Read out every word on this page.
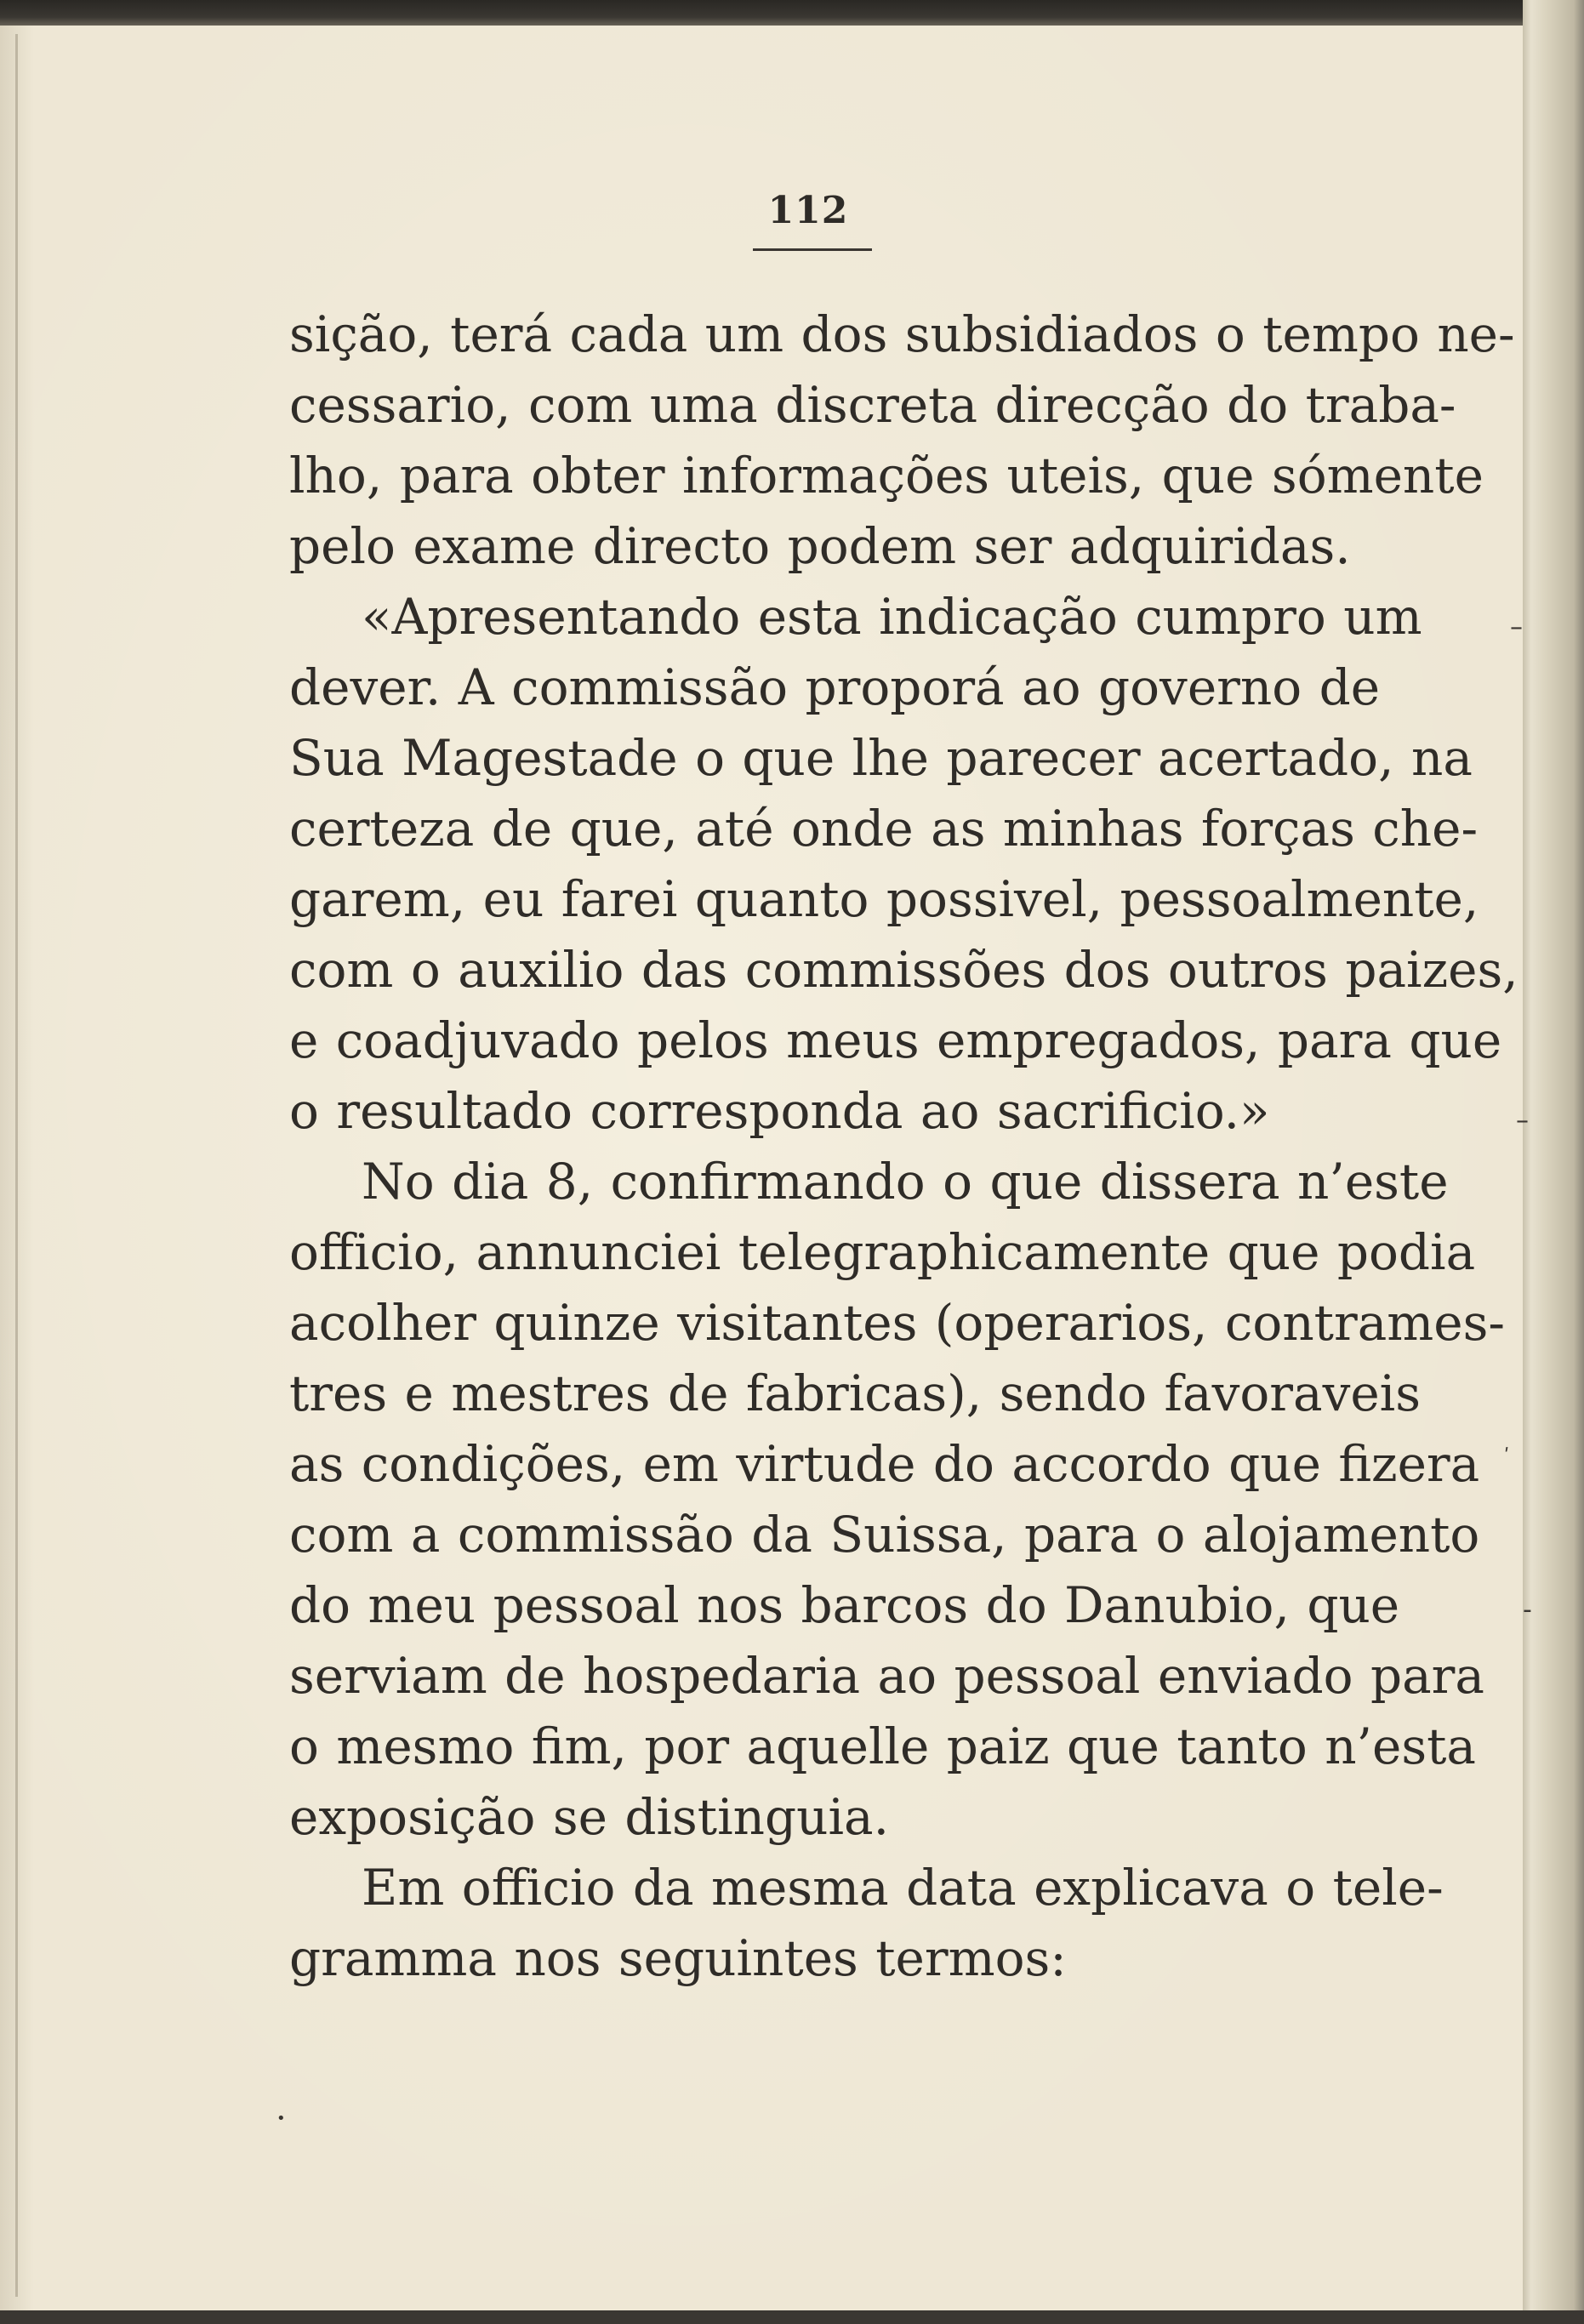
112
sição, terá cada um dos subsidiados o tempo ne-
cessario, com uma discreta direcção do traba-
lho, para obter informações uteis, que sómente
pelo exame directo podem ser adquiridas.
«Apresentando esta indicação cumpro um
dever. A commissão proporá ao governo de
Sua Magestade o que lhe parecer acertado, na
certeza de que, até onde as minhas forças che-
garem, eu farei quanto possivel, pessoalmente,
com o auxilio das commissões dos outros paizes,
e coadjuvado pelos meus empregados, para que
o resultado corresponda ao sacrificio.»
No dia 8, confirmando o que dissera n’este
officio, annunciei telegraphicamente que podia
acolher quinze visitantes (operarios, contrames-
tres e mestres de fabricas), sendo favoraveis
as condições, em virtude do accordo que fizera
com a commissão da Suissa, para o alojamento
do meu pessoal nos barcos do Danubio, que
serviam de hospedaria ao pessoal enviado para
o mesmo fim, por aquelle paiz que tanto n’esta
exposição se distinguia.
Em officio da mesma data explicava o tele-
gramma nos seguintes termos:
–
–
ʹ
-
•
